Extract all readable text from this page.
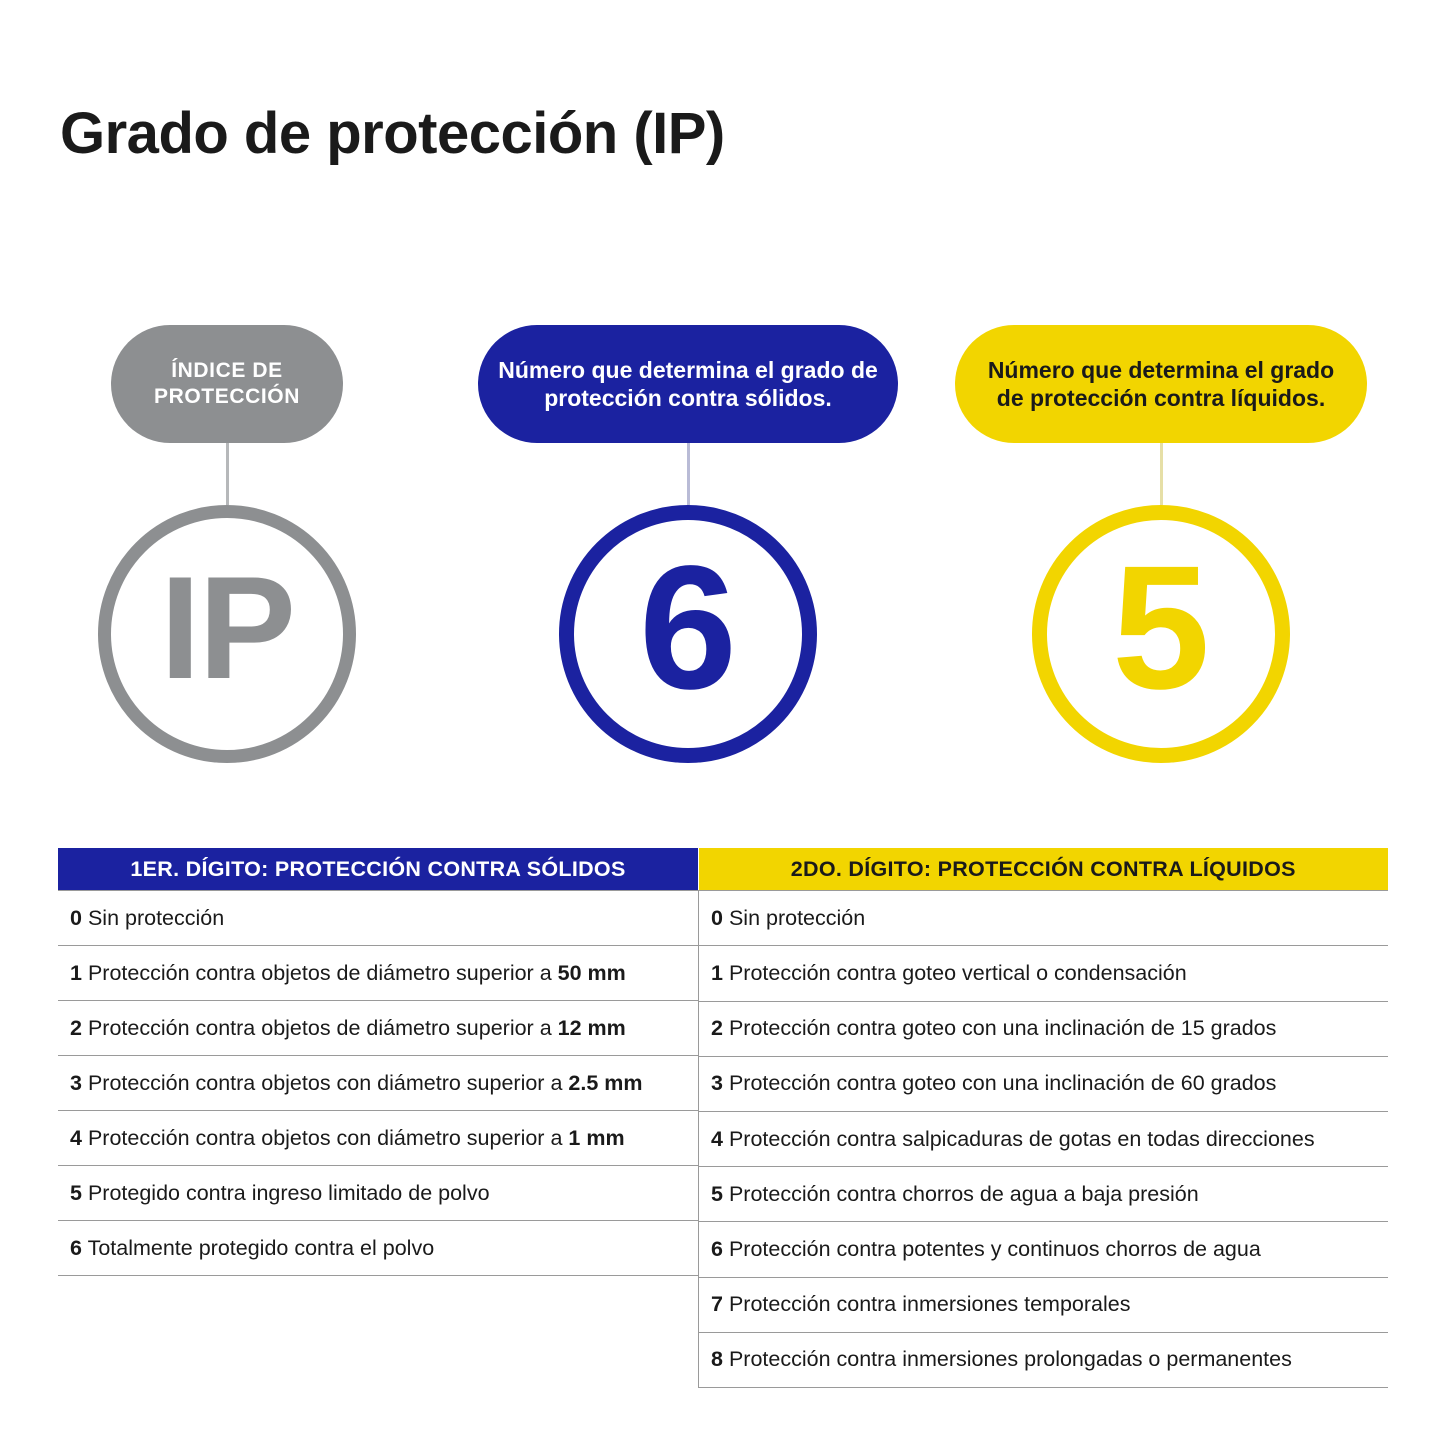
Grado de protección (IP)
ÍNDICE DE PROTECCIÓN
IP
Número que determina el grado de protección contra sólidos.
6
Número que determina el grado de protección contra líquidos.
5
1ER. DÍGITO: PROTECCIÓN CONTRA SÓLIDOS
0 Sin protección
1 Protección contra objetos de diámetro superior a 50 mm
2 Protección contra objetos de diámetro superior a 12 mm
3 Protección contra objetos con diámetro superior a 2.5 mm
4 Protección contra objetos con diámetro superior a 1 mm
5 Protegido contra ingreso limitado de polvo
6 Totalmente protegido contra el polvo

2DO. DÍGITO: PROTECCIÓN CONTRA LÍQUIDOS
0 Sin protección
1 Protección contra goteo vertical o condensación
2 Protección contra goteo con una inclinación de 15 grados
3 Protección contra goteo con una inclinación de 60 grados
4 Protección contra salpicaduras de gotas en todas direcciones
5 Protección contra chorros de agua a baja presión
6 Protección contra potentes y continuos chorros de agua
7 Protección contra inmersiones temporales
8 Protección contra inmersiones prolongadas o permanentes
